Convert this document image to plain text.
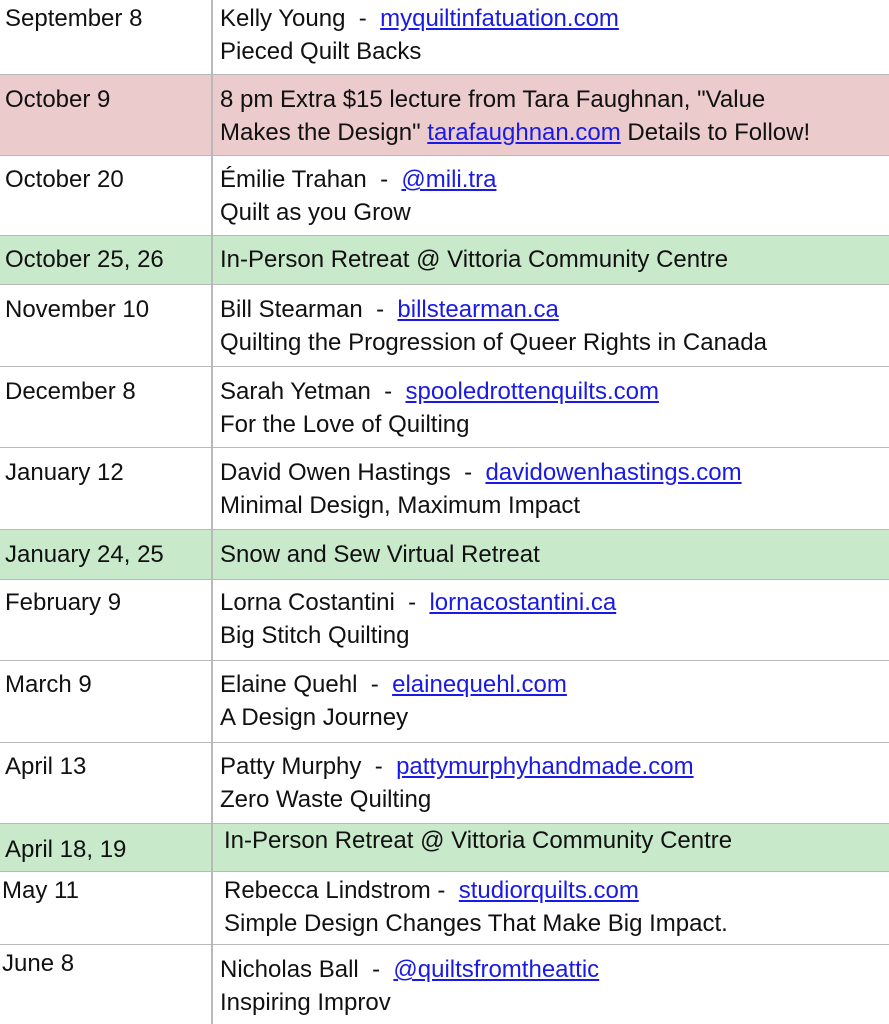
September 8	Kelly Young  -  myquiltinfatuation.com
Pieced Quilt Backs
October 9	8 pm Extra $15 lecture from Tara Faughnan, "Value
Makes the Design" tarafaughnan.com Details to Follow!
October 20	Émilie Trahan  -  @mili.tra
Quilt as you Grow
October 25, 26 In-Person Retreat @ Vittoria Community Centre
November 10	Bill Stearman  -  billstearman.ca
Quilting the Progression of Queer Rights in Canada
December 8	Sarah Yetman  -  spooledrottenquilts.com
For the Love of Quilting
January 12	David Owen Hastings  -  davidowenhastings.com
Minimal Design, Maximum Impact
January 24, 25 Snow and Sew Virtual Retreat
February 9	Lorna Costantini  -  lornacostantini.ca
Big Stitch Quilting
March 9	Elaine Quehl  -  elainequehl.com
A Design Journey
April 13	Patty Murphy  -  pattymurphyhandmade.com
Zero Waste Quilting
April 18, 19	In-Person Retreat @ Vittoria Community Centre
May 11	Rebecca Lindstrom -  studiorquilts.com
Simple Design Changes That Make Big Impact.
June 8	Nicholas Ball  -  @quiltsfromtheattic
Inspiring Improv
